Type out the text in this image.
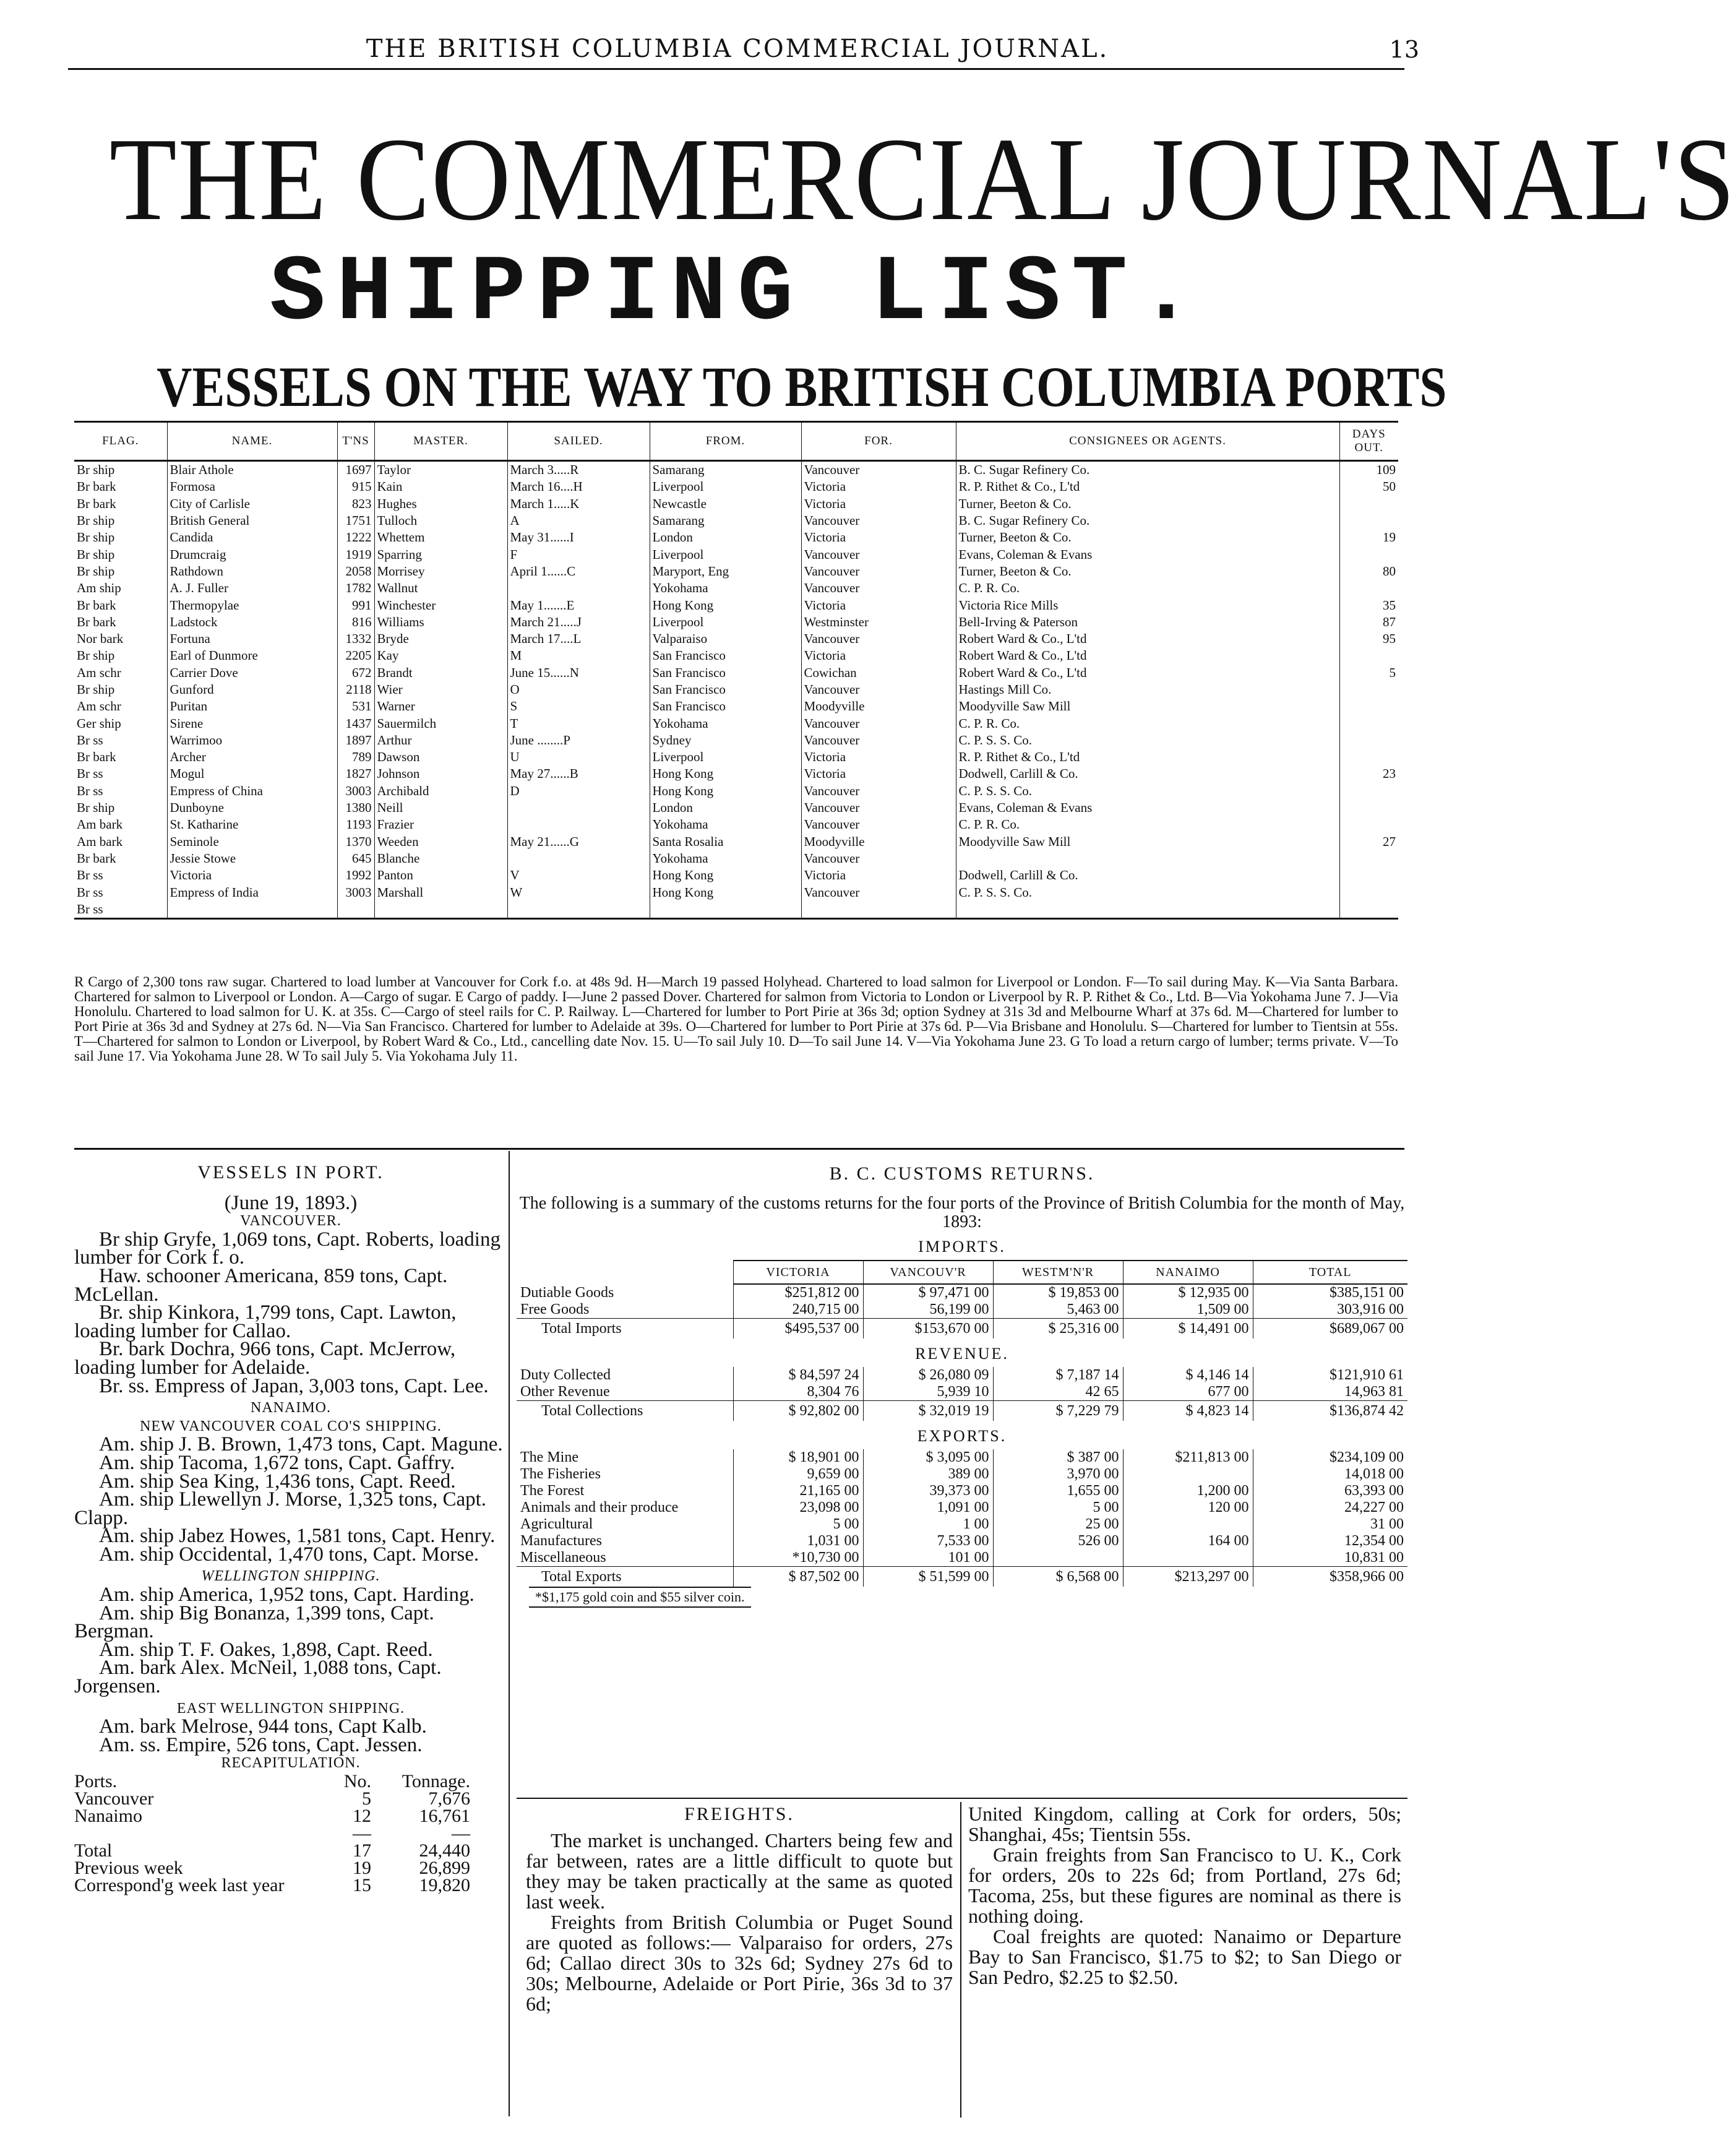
THE BRITISH COLUMBIA COMMERCIAL JOURNAL.	13
THE COMMERCIAL JOURNAL'S
SHIPPING LIST.
VESSELS ON THE WAY TO BRITISH COLUMBIA PORTS
FLAG.	NAME.	T'NS	MASTER.	SAILED.	FROM.	FOR.	CONSIGNEES OR AGENTS.	DAYS OUT.
Br ship	Blair Athole	1697	Taylor	March 3.....R	Samarang	Vancouver	B. C. Sugar Refinery Co.	109
Br bark	Formosa	915	Kain	March 16....H	Liverpool	Victoria	R. P. Rithet & Co., L'td	50
Br bark	City of Carlisle	823	Hughes	March 1.....K	Newcastle	Victoria	Turner, Beeton & Co.	
Br ship	British General	1751	Tulloch	A	Samarang	Vancouver	B. C. Sugar Refinery Co.	
Br ship	Candida	1222	Whettem	May 31......I	London	Victoria	Turner, Beeton & Co.	19
Br ship	Drumcraig	1919	Sparring	F	Liverpool	Vancouver	Evans, Coleman & Evans	
Br ship	Rathdown	2058	Morrisey	April 1......C	Maryport, Eng	Vancouver	Turner, Beeton & Co.	80
Am ship	A. J. Fuller	1782	Wallnut		Yokohama	Vancouver	C. P. R. Co.	
Br bark	Thermopylae	991	Winchester	May 1.......E	Hong Kong	Victoria	Victoria Rice Mills	35
Br bark	Ladstock	816	Williams	March 21.....J	Liverpool	Westminster	Bell-Irving & Paterson	87
Nor bark	Fortuna	1332	Bryde	March 17....L	Valparaiso	Vancouver	Robert Ward & Co., L'td	95
Br ship	Earl of Dunmore	2205	Kay	M	San Francisco	Victoria	Robert Ward & Co., L'td	
Am schr	Carrier Dove	672	Brandt	June 15......N	San Francisco	Cowichan	Robert Ward & Co., L'td	5
Br ship	Gunford	2118	Wier	O	San Francisco	Vancouver	Hastings Mill Co.	
Am schr	Puritan	531	Warner	S	San Francisco	Moodyville	Moodyville Saw Mill	
Ger ship	Sirene	1437	Sauermilch	T	Yokohama	Vancouver	C. P. R. Co.	
Br ss	Warrimoo	1897	Arthur	June ........P	Sydney	Vancouver	C. P. S. S. Co.	
Br bark	Archer	789	Dawson	U	Liverpool	Victoria	R. P. Rithet & Co., L'td	
Br ss	Mogul	1827	Johnson	May 27......B	Hong Kong	Victoria	Dodwell, Carlill & Co.	23
Br ss	Empress of China	3003	Archibald	D	Hong Kong	Vancouver	C. P. S. S. Co.	
Br ship	Dunboyne	1380	Neill		London	Vancouver	Evans, Coleman & Evans	
Am bark	St. Katharine	1193	Frazier		Yokohama	Vancouver	C. P. R. Co.	
Am bark	Seminole	1370	Weeden	May 21......G	Santa Rosalia	Moodyville	Moodyville Saw Mill	27
Br bark	Jessie Stowe	645	Blanche		Yokohama	Vancouver		
Br ss	Victoria	1992	Panton	V	Hong Kong	Victoria	Dodwell, Carlill & Co.	
Br ss	Empress of India	3003	Marshall	W	Hong Kong	Vancouver	C. P. S. S. Co.	
Br ss								
R Cargo of 2,300 tons raw sugar. Chartered to load lumber at Vancouver for Cork f.o. at 48s 9d. H—March 19 passed Holyhead. Chartered to load salmon for Liverpool or London. F—To sail during May. K—Via Santa Barbara. Chartered for salmon to Liverpool or London. A—Cargo of sugar. E Cargo of paddy. I—June 2 passed Dover. Chartered for salmon from Victoria to London or Liverpool by R. P. Rithet & Co., Ltd. B—Via Yokohama June 7. J—Via Honolulu. Chartered to load salmon for U. K. at 35s. C—Cargo of steel rails for C. P. Railway. L—Chartered for lumber to Port Pirie at 36s 3d; option Sydney at 31s 3d and Melbourne Wharf at 37s 6d. M—Chartered for lumber to Port Pirie at 36s 3d and Sydney at 27s 6d. N—Via San Francisco. Chartered for lumber to Adelaide at 39s. O—Chartered for lumber to Port Pirie at 37s 6d. P—Via Brisbane and Honolulu. S—Chartered for lumber to Tientsin at 55s. T—Chartered for salmon to London or Liverpool, by Robert Ward & Co., Ltd., cancelling date Nov. 15. U—To sail July 10. D—To sail June 14. V—Via Yokohama June 23. G To load a return cargo of lumber; terms private. V—To sail June 17. Via Yokohama June 28. W To sail July 5. Via Yokohama July 11.

VESSELS IN PORT.

(June 19, 1893.)

VANCOUVER.

Br ship Gryfe, 1,069 tons, Capt. Roberts, loading lumber for Cork f. o.

Haw. schooner Americana, 859 tons, Capt. McLellan.

Br. ship Kinkora, 1,799 tons, Capt. Lawton, loading lumber for Callao.

Br. bark Dochra, 966 tons, Capt. McJerrow, loading lumber for Adelaide.

Br. ss. Empress of Japan, 3,003 tons, Capt. Lee.

NANAIMO.

NEW VANCOUVER COAL CO'S SHIPPING.

Am. ship J. B. Brown, 1,473 tons, Capt. Magune.

Am. ship Tacoma, 1,672 tons, Capt. Gaffry.

Am. ship Sea King, 1,436 tons, Capt. Reed.

Am. ship Llewellyn J. Morse, 1,325 tons, Capt. Clapp.

Am. ship Jabez Howes, 1,581 tons, Capt. Henry.

Am. ship Occidental, 1,470 tons, Capt. Morse.

WELLINGTON SHIPPING.

Am. ship America, 1,952 tons, Capt. Harding.

Am. ship Big Bonanza, 1,399 tons, Capt. Bergman.

Am. ship T. F. Oakes, 1,898, Capt. Reed.

Am. bark Alex. McNeil, 1,088 tons, Capt. Jorgensen.

EAST WELLINGTON SHIPPING.

Am. bark Melrose, 944 tons, Capt Kalb.

Am. ss. Empire, 526 tons, Capt. Jessen.

RECAPITULATION.

Ports.	No.	Tonnage.
Vancouver	5	7,676
Nanaimo	12	16,761
—	—
Total	17	24,440
Previous week	19	26,899
Correspond'g week last year	15	19,820
B. C. CUSTOMS RETURNS.
The following is a summary of the customs returns for the four ports of the Province of British Columbia for the month of May, 1893:
IMPORTS.
	VICTORIA	VANCOUV'R	WESTM'N'R	NANAIMO	TOTAL
Dutiable Goods	$251,812 00	$ 97,471 00	$ 19,853 00	$ 12,935 00	$385,151 00
Free Goods	240,715 00	56,199 00	5,463 00	1,509 00	303,916 00
Total Imports	$495,537 00	$153,670 00	$ 25,316 00	$ 14,491 00	$689,067 00
REVENUE.
Duty Collected	$ 84,597 24	$ 26,080 09	$ 7,187 14	$ 4,146 14	$121,910 61
Other Revenue	8,304 76	5,939 10	42 65	677 00	14,963 81
Total Collections	$ 92,802 00	$ 32,019 19	$ 7,229 79	$ 4,823 14	$136,874 42
EXPORTS.
The Mine	$ 18,901 00	$ 3,095 00	$ 387 00	$211,813 00	$234,109 00
The Fisheries	9,659 00	389 00	3,970 00		14,018 00
The Forest	21,165 00	39,373 00	1,655 00	1,200 00	63,393 00
Animals and their produce	23,098 00	1,091 00	5 00	120 00	24,227 00
Agricultural	5 00	1 00	25 00		31 00
Manufactures	1,031 00	7,533 00	526 00	164 00	12,354 00
Miscellaneous	*10,730 00	101 00			10,831 00
Total Exports	$ 87,502 00	$ 51,599 00	$ 6,568 00	$213,297 00	$358,966 00
*$1,175 gold coin and $55 silver coin.

FREIGHTS.

The market is unchanged. Charters being few and far between, rates are a little difficult to quote but they may be taken practically at the same as quoted last week.

Freights from British Columbia or Puget Sound are quoted as follows:— Valparaiso for orders, 27s 6d; Callao direct 30s to 32s 6d; Sydney 27s 6d to 30s; Melbourne, Adelaide or Port Pirie, 36s 3d to 37 6d;

United Kingdom, calling at Cork for orders, 50s; Shanghai, 45s; Tientsin 55s.

Grain freights from San Francisco to U. K., Cork for orders, 20s to 22s 6d; from Portland, 27s 6d; Tacoma, 25s, but these figures are nominal as there is nothing doing.

Coal freights are quoted: Nanaimo or Departure Bay to San Francisco, $1.75 to $2; to San Diego or San Pedro, $2.25 to $2.50.
